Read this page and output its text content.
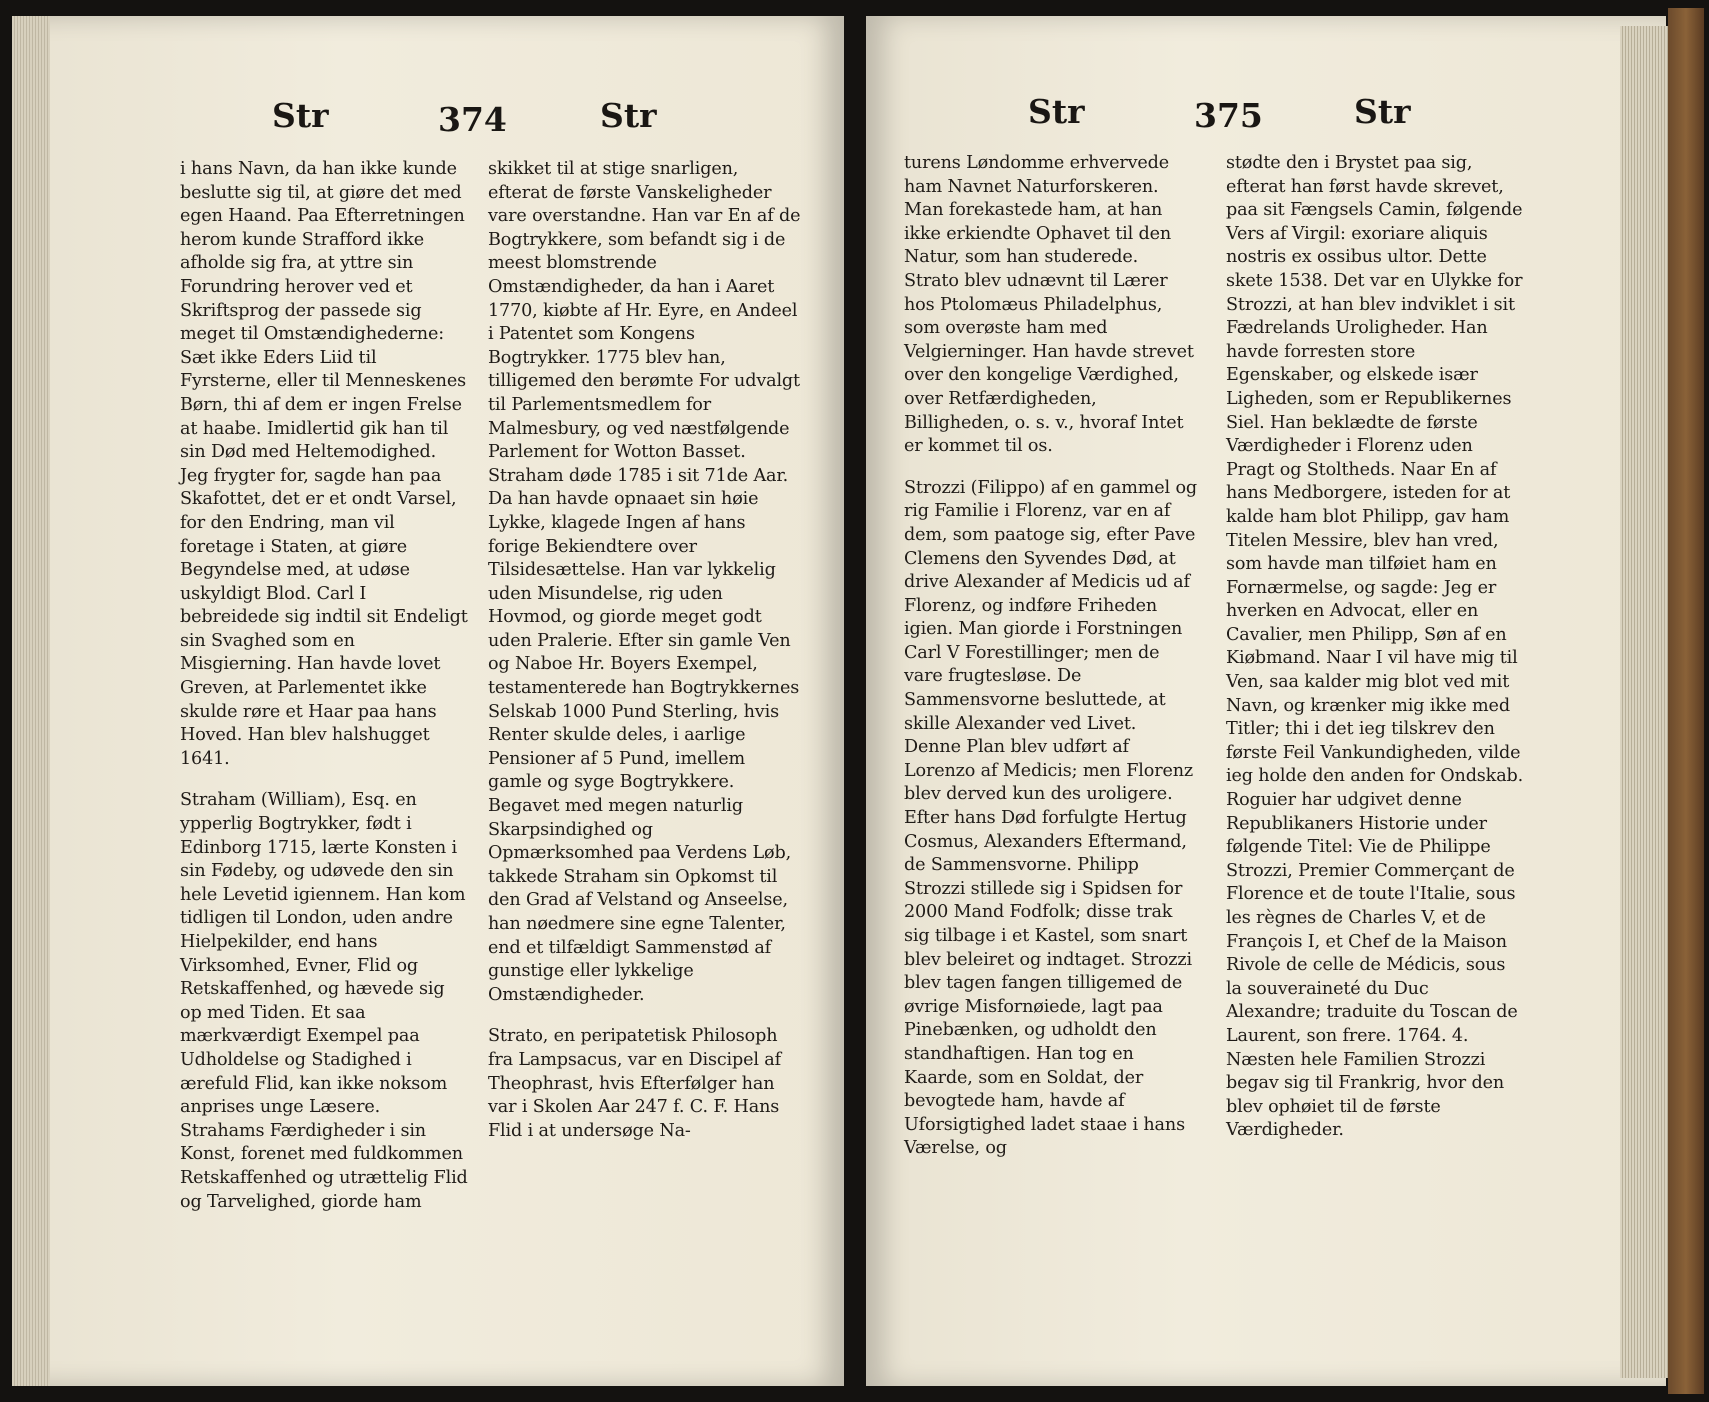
Str	374	Str

i hans Navn, da han ikke kunde beslutte sig til, at giøre det med egen Haand. Paa Efterretningen herom kunde Strafford ikke afholde sig fra, at yttre sin Forundring herover ved et Skriftsprog der passede sig meget til Omstændighederne: Sæt ikke Eders Liid til Fyrsterne, eller til Menneskenes Børn, thi af dem er ingen Frelse at haabe. Imidlertid gik han til sin Død med Heltemodighed. Jeg frygter for, sagde han paa Skafottet, det er et ondt Varsel, for den Endring, man vil foretage i Staten, at giøre Begyndelse med, at udøse uskyldigt Blod. Carl I bebreidede sig indtil sit Endeligt sin Svaghed som en Misgierning. Han havde lovet Greven, at Parlementet ikke skulde røre et Haar paa hans Hoved. Han blev halshugget 1641.

Straham (William), Esq. en ypperlig Bogtrykker, født i Edinborg 1715, lærte Konsten i sin Fødeby, og udøvede den sin hele Levetid igiennem. Han kom tidligen til London, uden andre Hielpekilder, end hans Virksomhed, Evner, Flid og Retskaffenhed, og hævede sig op med Tiden. Et saa mærkværdigt Exempel paa Udholdelse og Stadighed i ærefuld Flid, kan ikke noksom anprises unge Læsere. Strahams Færdigheder i sin Konst, forenet med fuldkommen Retskaffenhed og utrættelig Flid og Tarvelighed, giorde ham

skikket til at stige snarligen, efterat de første Vanskeligheder vare overstandne. Han var En af de Bogtrykkere, som befandt sig i de meest blomstrende Omstændigheder, da han i Aaret 1770, kiøbte af Hr. Eyre, en Andeel i Patentet som Kongens Bogtrykker. 1775 blev han, tilligemed den berømte For udvalgt til Parlementsmedlem for Malmesbury, og ved næstfølgende Parlement for Wotton Basset. Straham døde 1785 i sit 71de Aar. Da han havde opnaaet sin høie Lykke, klagede Ingen af hans forige Bekiendtere over Tilsidesættelse. Han var lykkelig uden Misundelse, rig uden Hovmod, og giorde meget godt uden Pralerie. Efter sin gamle Ven og Naboe Hr. Boyers Exempel, testamenterede han Bogtrykkernes Selskab 1000 Pund Sterling, hvis Renter skulde deles, i aarlige Pensioner af 5 Pund, imellem gamle og syge Bogtrykkere. Begavet med megen naturlig Skarpsindighed og Opmærksomhed paa Verdens Løb, takkede Straham sin Opkomst til den Grad af Velstand og Anseelse, han nøedmere sine egne Talenter, end et tilfældigt Sammenstød af gunstige eller lykkelige Omstændigheder.

Strato, en peripatetisk Philosoph fra Lampsacus, var en Discipel af Theophrast, hvis Efterfølger han var i Skolen Aar 247 f. C. F. Hans Flid i at undersøge Na-

Str	375	Str

turens Løndomme erhvervede ham Navnet Naturforskeren. Man forekastede ham, at han ikke erkiendte Ophavet til den Natur, som han studerede. Strato blev udnævnt til Lærer hos Ptolomæus Philadelphus, som overøste ham med Velgierninger. Han havde strevet over den kongelige Værdighed, over Retfærdigheden, Billigheden, o. s. v., hvoraf Intet er kommet til os.

Strozzi (Filippo) af en gammel og rig Familie i Florenz, var en af dem, som paatoge sig, efter Pave Clemens den Syvendes Død, at drive Alexander af Medicis ud af Florenz, og indføre Friheden igien. Man giorde i Forstningen Carl V Forestillinger; men de vare frugtesløse. De Sammensvorne besluttede, at skille Alexander ved Livet. Denne Plan blev udført af Lorenzo af Medicis; men Florenz blev derved kun des uroligere. Efter hans Død forfulgte Hertug Cosmus, Alexanders Eftermand, de Sammensvorne. Philipp Strozzi stillede sig i Spidsen for 2000 Mand Fodfolk; disse trak sig tilbage i et Kastel, som snart blev beleiret og indtaget. Strozzi blev tagen fangen tilligemed de øvrige Misfornøiede, lagt paa Pinebænken, og udholdt den standhaftigen. Han tog en Kaarde, som en Soldat, der bevogtede ham, havde af Uforsigtighed ladet staae i hans Værelse, og

stødte den i Brystet paa sig, efterat han først havde skrevet, paa sit Fængsels Camin, følgende Vers af Virgil: exoriare aliquis nostris ex ossibus ultor. Dette skete 1538. Det var en Ulykke for Strozzi, at han blev indviklet i sit Fædrelands Uroligheder. Han havde forresten store Egenskaber, og elskede især Ligheden, som er Republikernes Siel. Han beklædte de første Værdigheder i Florenz uden Pragt og Stoltheds. Naar En af hans Medborgere, isteden for at kalde ham blot Philipp, gav ham Titelen Messire, blev han vred, som havde man tilføiet ham en Fornærmelse, og sagde: Jeg er hverken en Advocat, eller en Cavalier, men Philipp, Søn af en Kiøbmand. Naar I vil have mig til Ven, saa kalder mig blot ved mit Navn, og krænker mig ikke med Titler; thi i det ieg tilskrev den første Feil Vankundigheden, vilde ieg holde den anden for Ondskab. Roguier har udgivet denne Republikaners Historie under følgende Titel: Vie de Philippe Strozzi, Premier Commerçant de Florence et de toute l'Italie, sous les règnes de Charles V, et de François I, et Chef de la Maison Rivole de celle de Médicis, sous la souveraineté du Duc Alexandre; traduite du Toscan de Laurent, son frere. 1764. 4. Næsten hele Familien Strozzi begav sig til Frankrig, hvor den blev ophøiet til de første Værdigheder.
